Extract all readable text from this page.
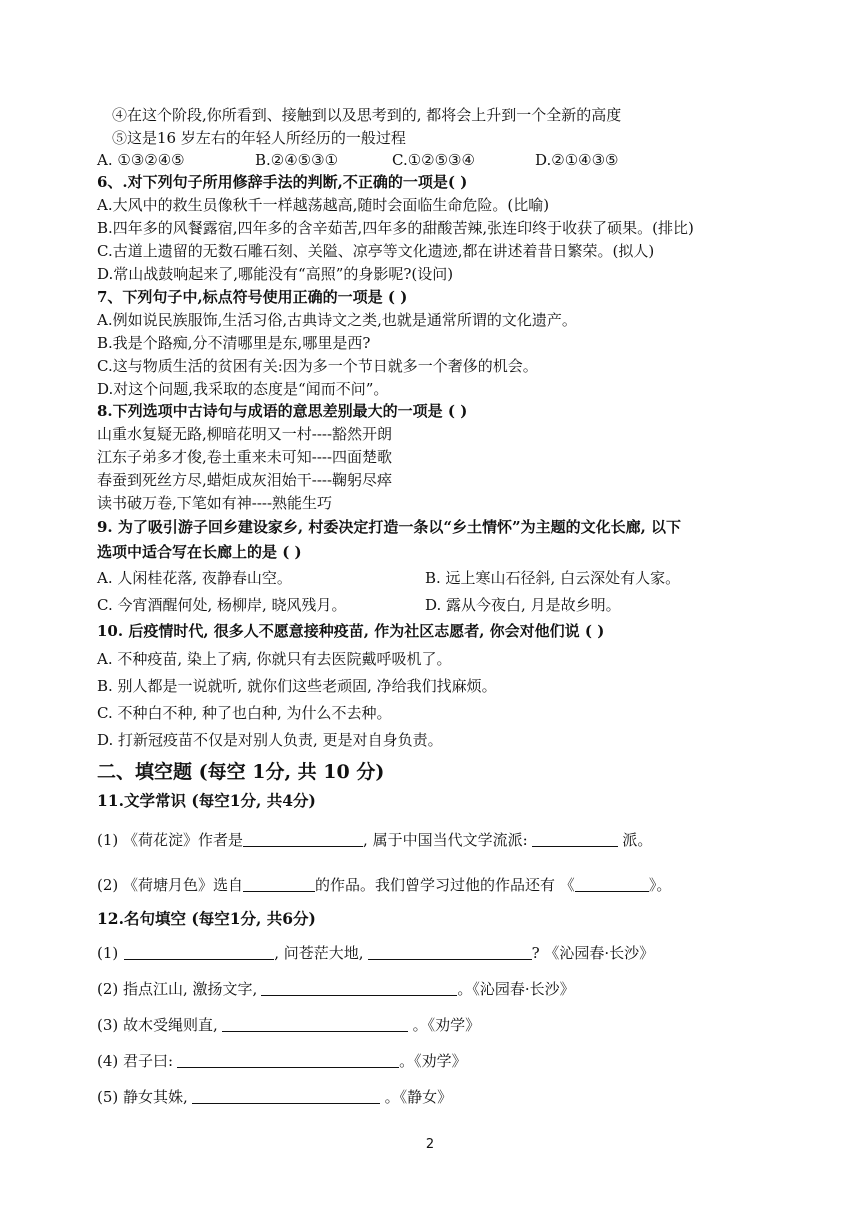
④在这个阶段,你所看到、接触到以及思考到的, 都将会上升到一个全新的高度
⑤这是16 岁左右的年轻人所经历的一般过程
A. ①③②④⑤	B.②④⑤③①	C.①②⑤③④	D.②①④③⑤
6、.对下列句子所用修辞手法的判断,不正确的一项是( )
A.大风中的救生员像秋千一样越荡越高,随时会面临生命危险。(比喻)
B.四年多的风餐露宿,四年多的含辛茹苦,四年多的甜酸苦辣,张连印终于收获了硕果。(排比)
C.古道上遗留的无数石雕石刻、关隘、凉亭等文化遗迹,都在讲述着昔日繁荣。(拟人)
D.常山战鼓响起来了,哪能没有“高照”的身影呢?(设问)
7、下列句子中,标点符号使用正确的一项是 ( )
A.例如说民族服饰,生活习俗,古典诗文之类,也就是通常所谓的文化遗产。
B.我是个路痴,分不清哪里是东,哪里是西?
C.这与物质生活的贫困有关:因为多一个节日就多一个奢侈的机会。
D.对这个问题,我采取的态度是“闻而不问”。
8.下列选项中古诗句与成语的意思差别最大的一项是 ( )
山重水复疑无路,柳暗花明又一村----豁然开朗
江东子弟多才俊,卷土重来未可知----四面楚歌
春蚕到死丝方尽,蜡炬成灰泪始干----鞠躬尽瘁
读书破万卷,下笔如有神----熟能生巧
9. 为了吸引游子回乡建设家乡, 村委决定打造一条以“乡土情怀”为主题的文化长廊, 以下
选项中适合写在长廊上的是 ( )
A. 人闲桂花落, 夜静春山空。	B. 远上寒山石径斜, 白云深处有人家。
C. 今宵酒醒何处, 杨柳岸, 晓风残月。	D. 露从今夜白, 月是故乡明。
10. 后疫情时代, 很多人不愿意接种疫苗, 作为社区志愿者, 你会对他们说 ( )
A. 不种疫苗, 染上了病, 你就只有去医院戴呼吸机了。
B. 别人都是一说就听, 就你们这些老顽固, 净给我们找麻烦。
C. 不种白不种, 种了也白种, 为什么不去种。
D. 打新冠疫苗不仅是对别人负责, 更是对自身负责。
二、填空题 (每空 1分, 共 10 分)
11.文学常识 (每空1分, 共4分)
(1) 《荷花淀》作者是	, 属于中国当代文学流派:	派。
(2) 《荷塘月色》选自	的作品。我们曾学习过他的作品还有 《	》。
12.名句填空 (每空1分, 共6分)
(1)	, 问苍茫大地,	? 《沁园春·长沙》
(2) 指点江山, 激扬文字,	。《沁园春·长沙》
(3) 故木受绳则直,	。《劝学》
(4) 君子曰:	。《劝学》
(5) 静女其姝,	。《静女》
2
